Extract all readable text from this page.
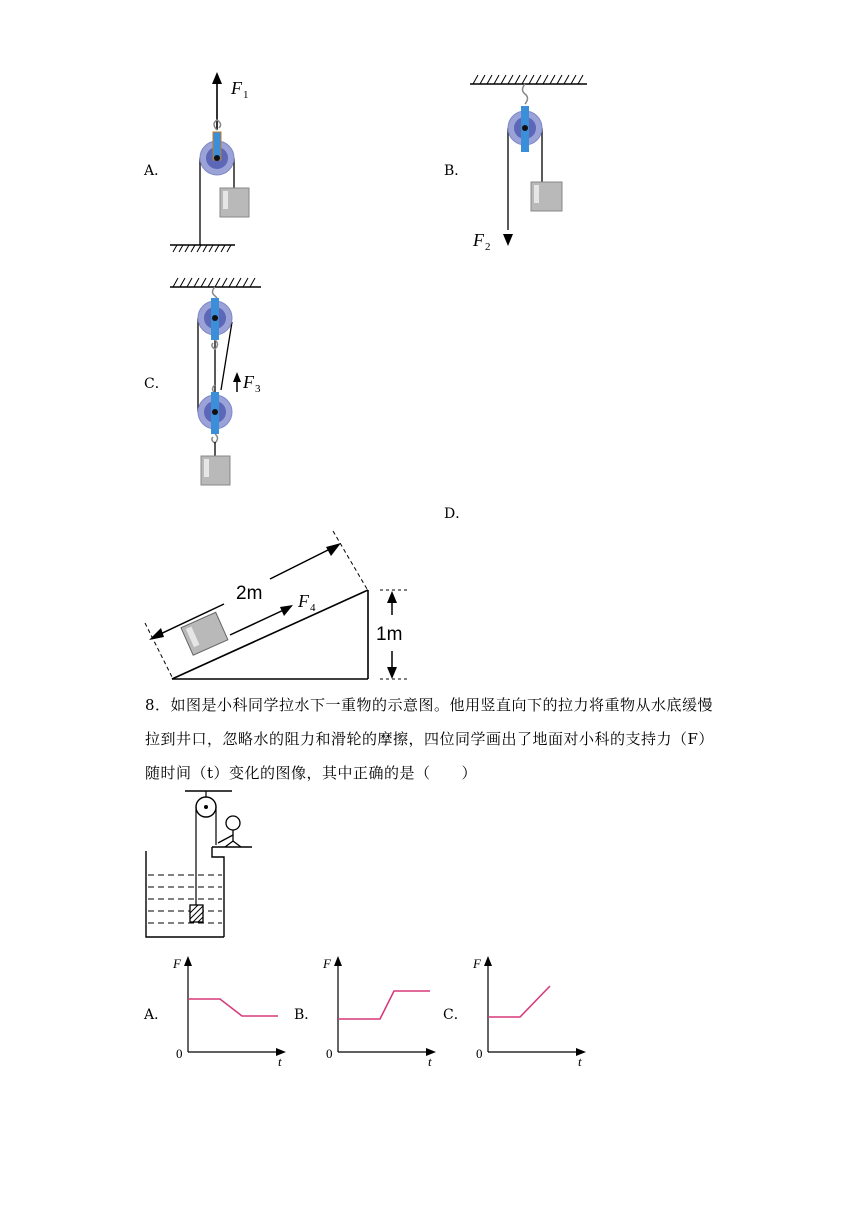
A．
F 1
B．
F 2
C．	F 3
D．
2m F 4
1m
8．如图是小科同学拉水下一重物的示意图。他用竖直向下的拉力将重物从水底缓慢拉到井口，忽略水的阻力和滑轮的摩擦，四位同学画出了地面对小科的支持力（F）随时间（t）变化的图像，其中正确的是（　　）
A．	B．	C．
F
t
0
F
t
0
F
t
0
